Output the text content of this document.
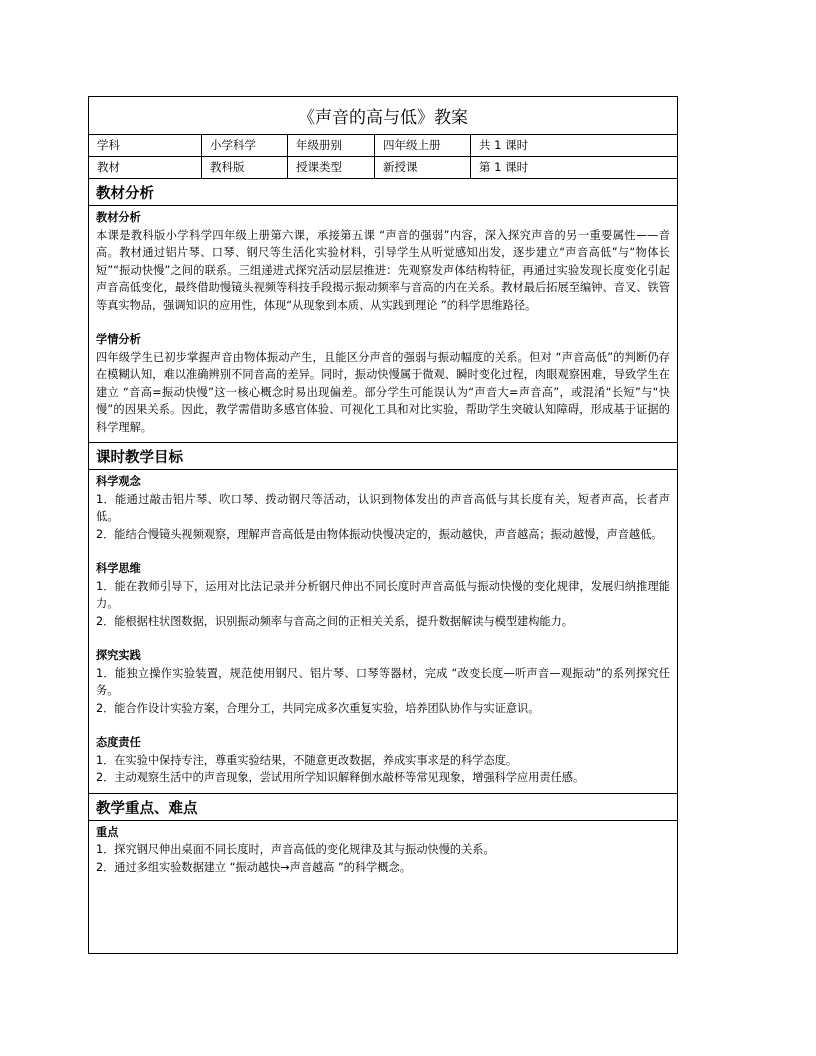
《声音的高与低》教案
学科	小学科学	年级册别	四年级上册	共 1 课时
教材	教科版	授课类型	新授课	第 1 课时
教材分析
教材分析
本课是教科版小学科学四年级上册第六课，承接第五课 “声音的强弱”内容，深入探究声音的另一重要属性——音高。教材通过铝片琴、口琴、钢尺等生活化实验材料，引导学生从听觉感知出发，逐步建立“声音高低”与“物体长短”“振动快慢”之间的联系。三组递进式探究活动层层推进：先观察发声体结构特征，再通过实验发现长度变化引起声音高低变化，最终借助慢镜头视频等科技手段揭示振动频率与音高的内在关系。教材最后拓展至编钟、音叉、铁管等真实物品，强调知识的应用性，体现“从现象到本质、从实践到理论 ”的科学思维路径。
学情分析
四年级学生已初步掌握声音由物体振动产生，且能区分声音的强弱与振动幅度的关系。但对 “声音高低”的判断仍存在模糊认知，难以准确辨别不同音高的差异。同时，振动快慢属于微观、瞬时变化过程，肉眼观察困难，导致学生在建立 “音高=振动快慢”这一核心概念时易出现偏差。部分学生可能误认为“声音大=声音高”，或混淆“长短”与“快慢”的因果关系。因此，教学需借助多感官体验、可视化工具和对比实验，帮助学生突破认知障碍，形成基于证据的科学理解。
课时教学目标
科学观念
1．能通过敲击铝片琴、吹口琴、拨动钢尺等活动，认识到物体发出的声音高低与其长度有关，短者声高，长者声低。
2．能结合慢镜头视频观察，理解声音高低是由物体振动快慢决定的，振动越快，声音越高；振动越慢，声音越低。
科学思维
1．能在教师引导下，运用对比法记录并分析钢尺伸出不同长度时声音高低与振动快慢的变化规律，发展归纳推理能力。
2．能根据柱状图数据，识别振动频率与音高之间的正相关关系，提升数据解读与模型建构能力。
探究实践
1．能独立操作实验装置，规范使用钢尺、铝片琴、口琴等器材，完成 “改变长度—听声音—观振动”的系列探究任务。
2．能合作设计实验方案，合理分工，共同完成多次重复实验，培养团队协作与实证意识。
态度责任
1．在实验中保持专注，尊重实验结果，不随意更改数据，养成实事求是的科学态度。
2．主动观察生活中的声音现象，尝试用所学知识解释倒水敲杯等常见现象，增强科学应用责任感。
教学重点、难点
重点
1．探究钢尺伸出桌面不同长度时，声音高低的变化规律及其与振动快慢的关系。
2．通过多组实验数据建立 “振动越快→声音越高 ”的科学概念。
